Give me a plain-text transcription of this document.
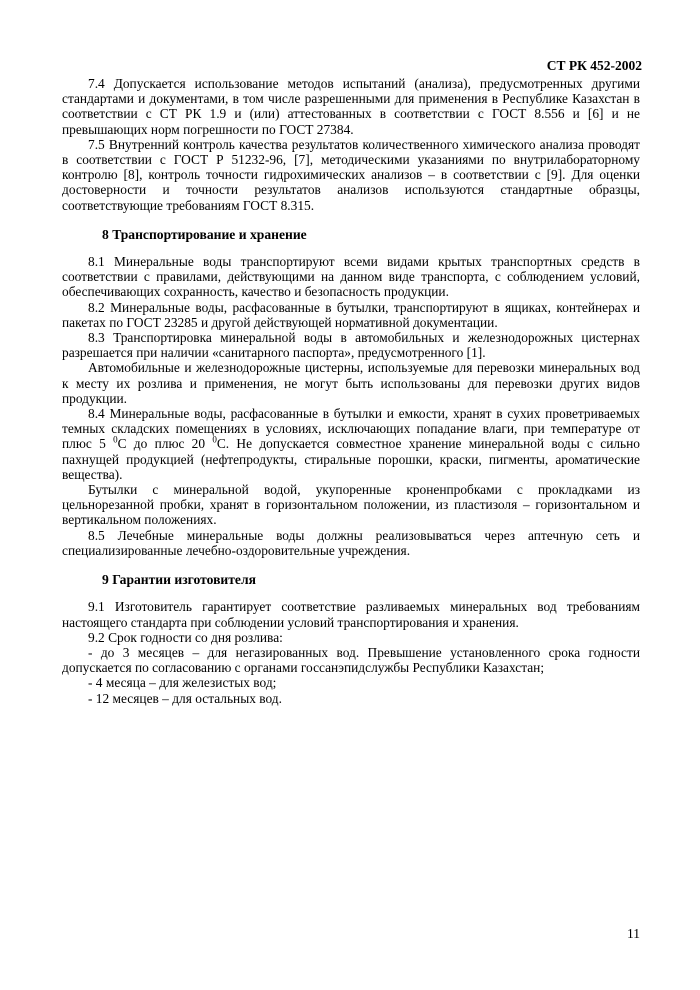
СТ РК 452-2002

7.4 Допускается использование методов испытаний (анализа), предусмотренных другими стандартами и документами, в том числе разрешенными для применения в Республике Казахстан в соответствии с СТ РК 1.9 и (или) аттестованных в соответствии с ГОСТ 8.556 и [6] и не превышающих норм погрешности по ГОСТ 27384.

7.5 Внутренний контроль качества результатов количественного химического анализа проводят в соответствии с ГОСТ Р 51232-96, [7], методическими указаниями по внутрилабораторному контролю [8], контроль точности гидрохимических анализов – в соответствии с [9]. Для оценки достоверности и точности результатов анализов используются стандартные образцы, соответствующие требованиям ГОСТ 8.315.

8 Транспортирование и хранение

8.1 Минеральные воды транспортируют всеми видами крытых транспортных средств в соответствии с правилами, действующими на данном виде транспорта, с соблюдением условий, обеспечивающих сохранность, качество и безопасность продукции.

8.2 Минеральные воды, расфасованные в бутылки, транспортируют в ящиках, контейнерах и пакетах по ГОСТ 23285 и другой действующей нормативной документации.

8.3 Транспортировка минеральной воды в автомобильных и железнодорожных цистернах разрешается при наличии «санитарного паспорта», предусмотренного [1].

Автомобильные и железнодорожные цистерны, используемые для перевозки минеральных вод к месту их розлива и применения, не могут быть использованы для перевозки других видов продукции.

8.4 Минеральные воды, расфасованные в бутылки и емкости, хранят в сухих проветриваемых темных складских помещениях в условиях, исключающих попадание влаги, при температуре от плюс 5 $^0$С до плюс 20 $^0$С. Не допускается совместное хранение минеральной воды с сильно пахнущей продукцией (нефтепродукты, стиральные порошки, краски, пигменты, ароматические вещества).

Бутылки с минеральной водой, укупоренные кроненпробками с прокладками из цельнорезанной пробки, хранят в горизонтальном положении, из пластизоля – горизонтальном и вертикальном положениях.

8.5 Лечебные минеральные воды должны реализовываться через аптечную сеть и специализированные лечебно-оздоровительные учреждения.

9 Гарантии изготовителя

9.1 Изготовитель гарантирует соответствие разливаемых минеральных вод требованиям настоящего стандарта при соблюдении условий транспортирования и хранения.

9.2 Срок годности со дня розлива:

- до 3 месяцев – для негазированных вод. Превышение установленного срока годности допускается по согласованию с органами госсанэпидслужбы Республики Казахстан;

- 4 месяца – для железистых вод;

- 12 месяцев – для остальных вод.

11
